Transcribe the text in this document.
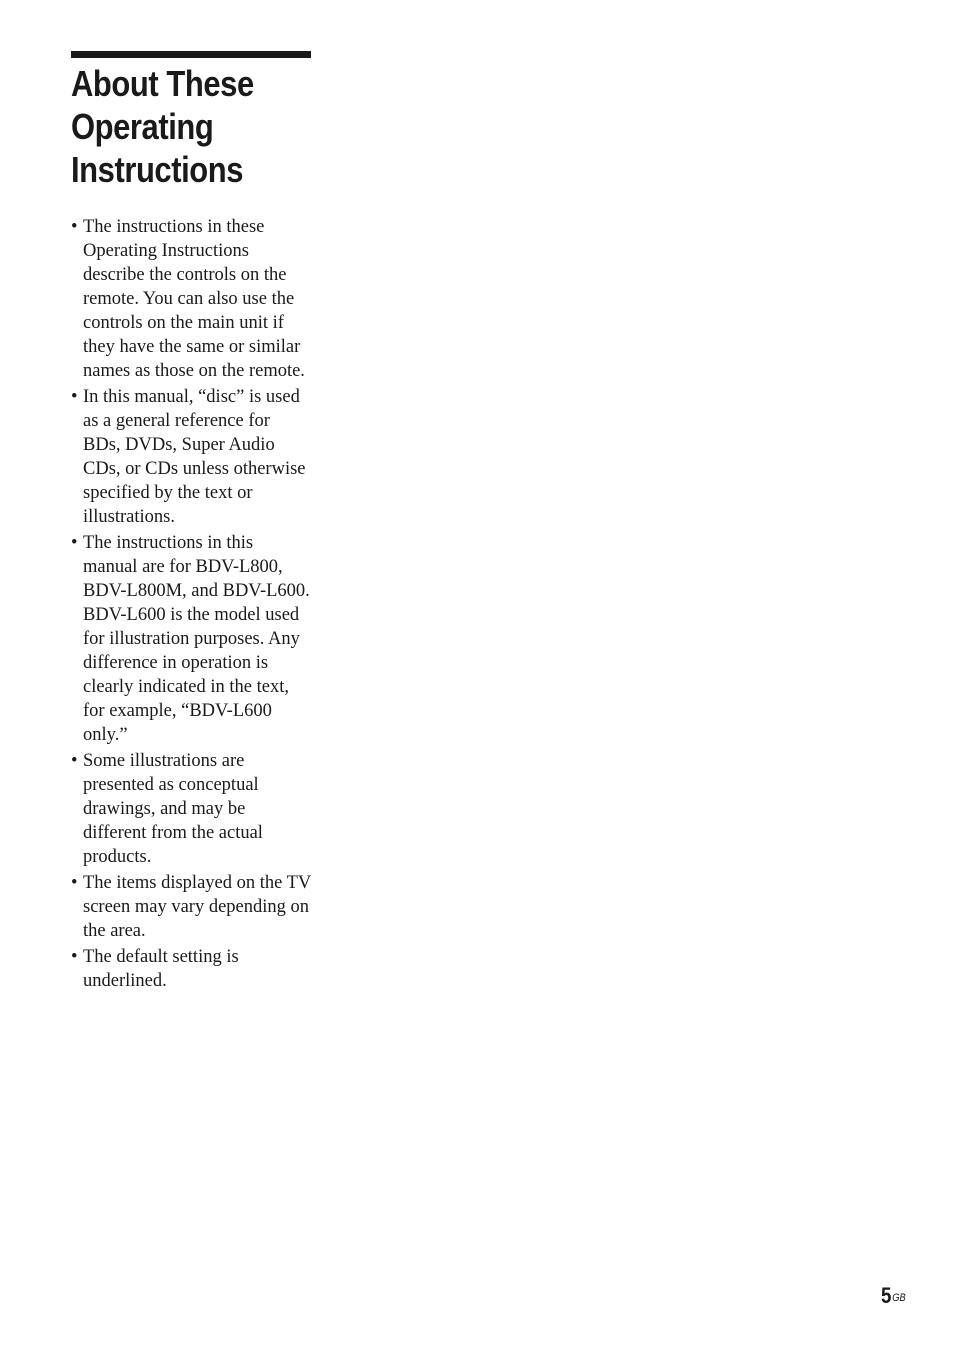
About These
Operating
Instructions
• The instructions in these Operating Instructions describe the controls on the remote. You can also use the controls on the main unit if they have the same or similar names as those on the remote.
• In this manual, “disc” is used as a general reference for BDs, DVDs, Super Audio CDs, or CDs unless otherwise specified by the text or illustrations.
• The instructions in this manual are for BDV-L800, BDV-L800M, and BDV-L600. BDV-L600 is the model used for illustration purposes. Any difference in operation is clearly indicated in the text, for example, “BDV-L600 only.”
• Some illustrations are presented as conceptual drawings, and may be different from the actual products.
• The items displayed on the TV screen may vary depending on the area.
• The default setting is underlined.
$5^{GB}$
